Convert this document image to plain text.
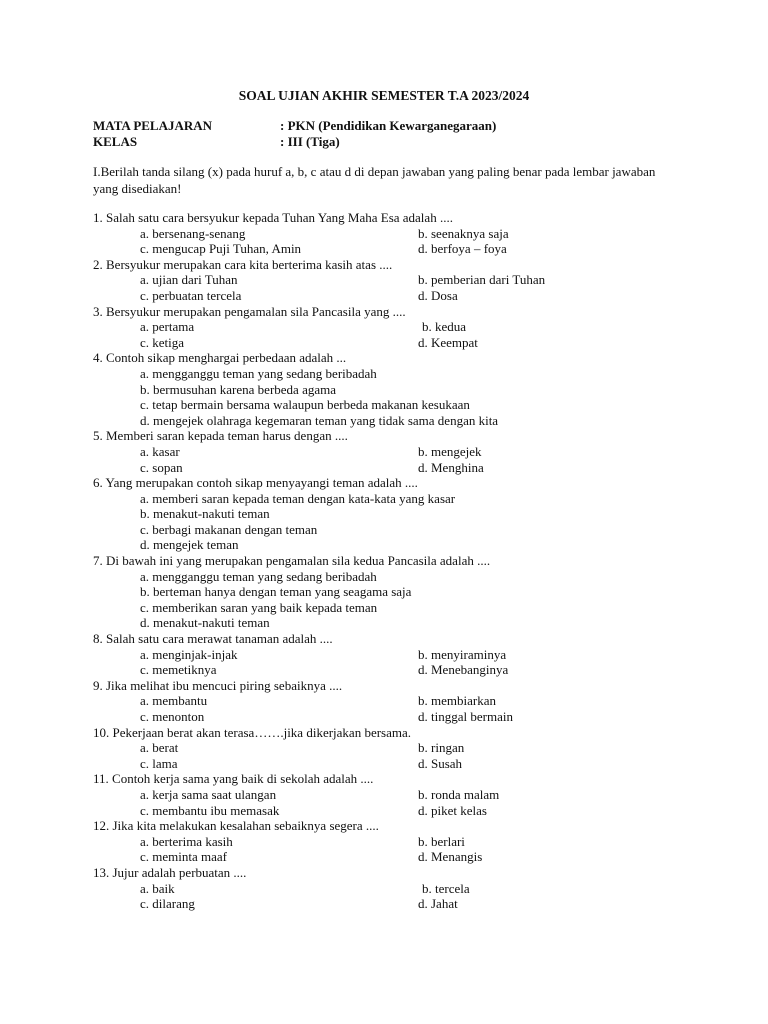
SOAL UJIAN AKHIR SEMESTER T.A 2023/2024
MATA PELAJARAN	: PKN (Pendidikan Kewarganegaraan)
KELAS	: III (Tiga)
I.Berilah tanda silang (x) pada huruf a, b, c atau d di depan jawaban yang paling benar pada lembar jawaban yang disediakan!
1. Salah satu cara bersyukur kepada Tuhan Yang Maha Esa adalah ....
a. bersenang-senang	b. seenaknya saja
c. mengucap Puji Tuhan, Amin	d. berfoya – foya
2. Bersyukur merupakan cara kita berterima kasih atas ....
a. ujian dari Tuhan	b. pemberian dari Tuhan
c. perbuatan tercela	d. Dosa
3. Bersyukur merupakan pengamalan sila Pancasila yang ....
a. pertama	b. kedua
c. ketiga	d. Keempat
4. Contoh sikap menghargai perbedaan adalah ...
a. mengganggu teman yang sedang beribadah
b. bermusuhan karena berbeda agama
c. tetap bermain bersama walaupun berbeda makanan kesukaan
d. mengejek olahraga kegemaran teman yang tidak sama dengan kita
5. Memberi saran kepada teman harus dengan ....
a. kasar	b. mengejek
c. sopan	d. Menghina
6. Yang merupakan contoh sikap menyayangi teman adalah ....
a. memberi saran kepada teman dengan kata-kata yang kasar
b. menakut-nakuti teman
c. berbagi makanan dengan teman
d. mengejek teman
7. Di bawah ini yang merupakan pengamalan sila kedua Pancasila adalah ....
a. mengganggu teman yang sedang beribadah
b. berteman hanya dengan teman yang seagama saja
c. memberikan saran yang baik kepada teman
d. menakut-nakuti teman
8. Salah satu cara merawat tanaman adalah ....
a. menginjak-injak	b. menyiraminya
c. memetiknya	d. Menebanginya
9. Jika melihat ibu mencuci piring sebaiknya ....
a. membantu	b. membiarkan
c. menonton	d. tinggal bermain
10. Pekerjaan berat akan terasa…….jika dikerjakan bersama.
a. berat	b. ringan
c. lama	d. Susah
11. Contoh kerja sama yang baik di sekolah adalah ....
a. kerja sama saat ulangan	b. ronda malam
c. membantu ibu memasak	d. piket kelas
12. Jika kita melakukan kesalahan sebaiknya segera ....
a. berterima kasih	b. berlari
c. meminta maaf	d. Menangis
13. Jujur adalah perbuatan ....
a. baik	b. tercela
c. dilarang	d. Jahat
